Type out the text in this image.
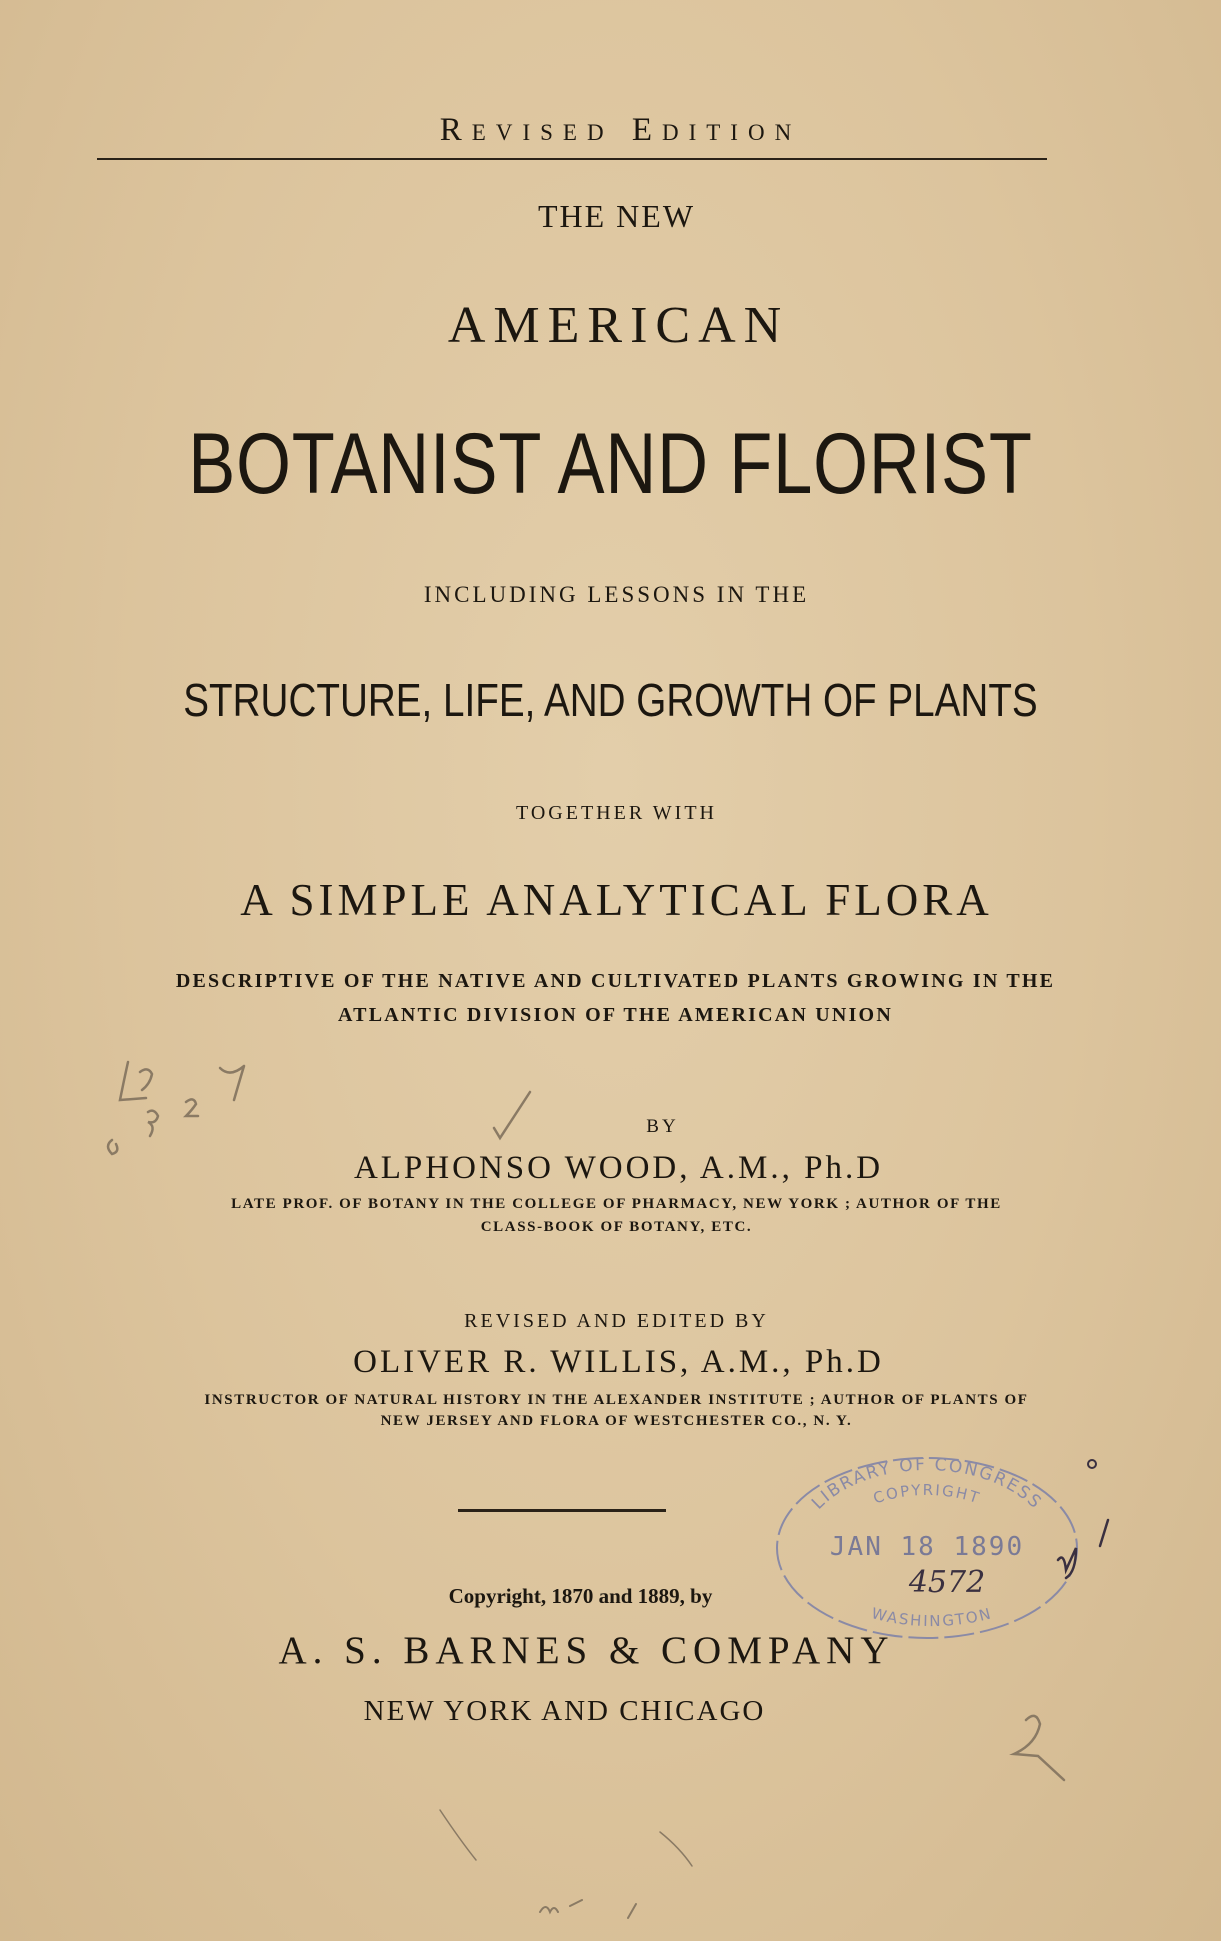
Revised Edition
THE NEW
AMERICAN
BOTANIST AND FLORIST
INCLUDING LESSONS IN THE
STRUCTURE, LIFE, AND GROWTH OF PLANTS
TOGETHER WITH
A SIMPLE ANALYTICAL FLORA
DESCRIPTIVE OF THE NATIVE AND CULTIVATED PLANTS GROWING IN THE
ATLANTIC DIVISION OF THE AMERICAN UNION
BY
ALPHONSO WOOD, A.M., Ph.D
LATE PROF. OF BOTANY IN THE COLLEGE OF PHARMACY, NEW YORK ; AUTHOR OF THE
CLASS-BOOK OF BOTANY, ETC.
REVISED AND EDITED BY
OLIVER R. WILLIS, A.M., Ph.D
INSTRUCTOR OF NATURAL HISTORY IN THE ALEXANDER INSTITUTE ; AUTHOR OF PLANTS OF
NEW JERSEY AND FLORA OF WESTCHESTER CO., N. Y.
Copyright, 1870 and 1889, by
A. S. BARNES & COMPANY
NEW YORK AND CHICAGO
LIBRARY OF CONGRESS
COPYRIGHT
JAN 18 1890
4572
WASHINGTON
